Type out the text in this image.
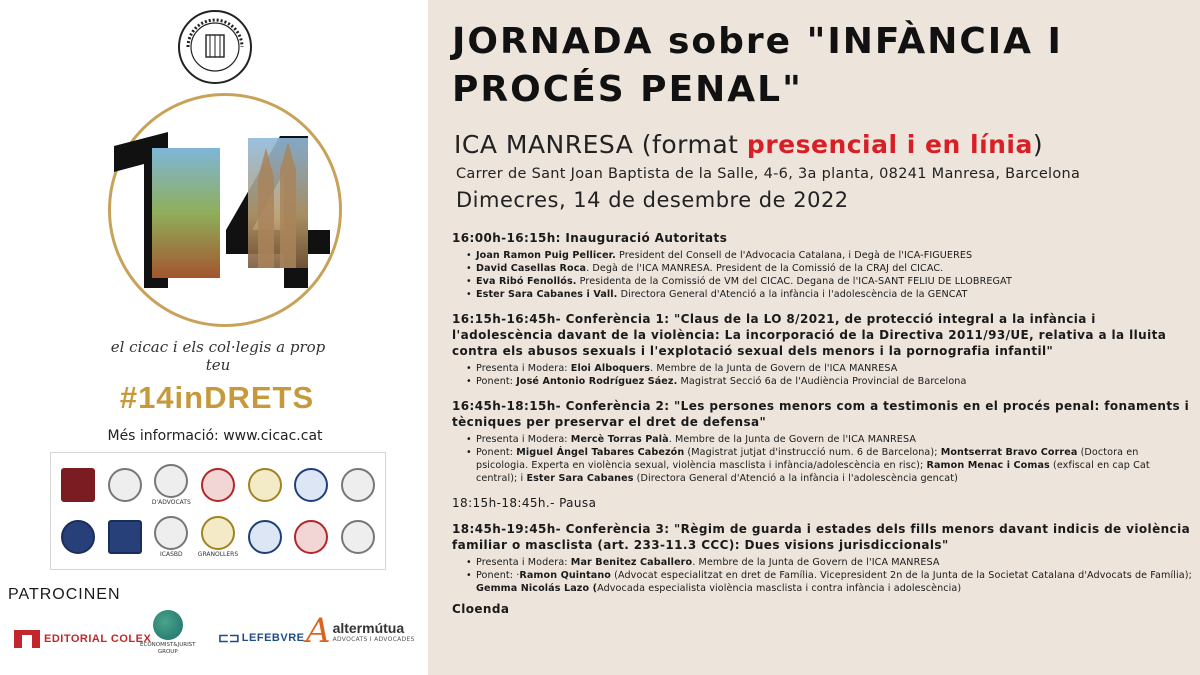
el cicac i els col·legis a prop teu
#14inDRETS
Més informació: www.cicac.cat
D'ADVOCATS
ICASBD	GRANOLLERS
PATROCINEN
EDITORIAL COLEX
ECONOMIST&JURIST
GROUP
⊏⊐ LEFEBVRE A altermútua
ADVOCATS I ADVOCADES
JORNADA sobre "INFÀNCIA I PROCÉS PENAL"
ICA MANRESA (format presencial i en línia)
Carrer de Sant Joan Baptista de la Salle, 4-6, 3a planta, 08241 Manresa, Barcelona
Dimecres, 14 de desembre de 2022
16:00h-16:15h: Inauguració Autoritats
• Joan Ramon Puig Pellicer. President del Consell de l'Advocacia Catalana, i Degà de l'ICA-FIGUERES
• David Casellas Roca. Degà de l'ICA MANRESA. President de la Comissió de la CRAJ del CICAC.
• Eva Ribó Fenollós. Presidenta de la Comissió de VM del CICAC. Degana de l'ICA-SANT FELIU DE LLOBREGAT
• Ester Sara Cabanes i Vall. Directora General d'Atenció a la infància i l'adolescència de la GENCAT
16:15h-16:45h- Conferència 1: "Claus de la LO 8/2021, de protecció integral a la infància i l'adolescència davant de la violència: La incorporació de la Directiva 2011/93/UE, relativa a la lluita contra els abusos sexuals i l'explotació sexual dels menors i la pornografia infantil"
• Presenta i Modera: Eloi Alboquers. Membre de la Junta de Govern de l'ICA MANRESA
• Ponent: José Antonio Rodríguez Sáez. Magistrat Secció 6a de l'Audiència Provincial de Barcelona
16:45h-18:15h- Conferència 2: "Les persones menors com a testimonis en el procés penal: fonaments i tècniques per preservar el dret de defensa"
• Presenta i Modera: Mercè Torras Palà. Membre de la Junta de Govern de l'ICA MANRESA
• Ponent: Miguel Ángel Tabares Cabezón (Magistrat jutjat d'instrucció num. 6 de Barcelona); Montserrat Bravo Correa (Doctora en psicologia. Experta en violència sexual, violència masclista i infància/adolescència en risc); Ramon Menac i Comas (exfiscal en cap Cat central); i Ester Sara Cabanes (Directora General d'Atenció a la infància i l'adolescència gencat)
18:15h-18:45h.- Pausa
18:45h-19:45h- Conferència 3: "Règim de guarda i estades dels fills menors davant indicis de violència familiar o masclista (art. 233-11.3 CCC): Dues visions jurisdiccionals"
• Presenta i Modera: Mar Benitez Caballero. Membre de la Junta de Govern de l'ICA MANRESA
• Ponent: ·Ramon Quintano (Advocat especialitzat en dret de Família. Vicepresident 2n de la Junta de la Societat Catalana d'Advocats de Família); Gemma Nicolás Lazo (Advocada especialista violència masclista i contra infància i adolescència)
Cloenda
